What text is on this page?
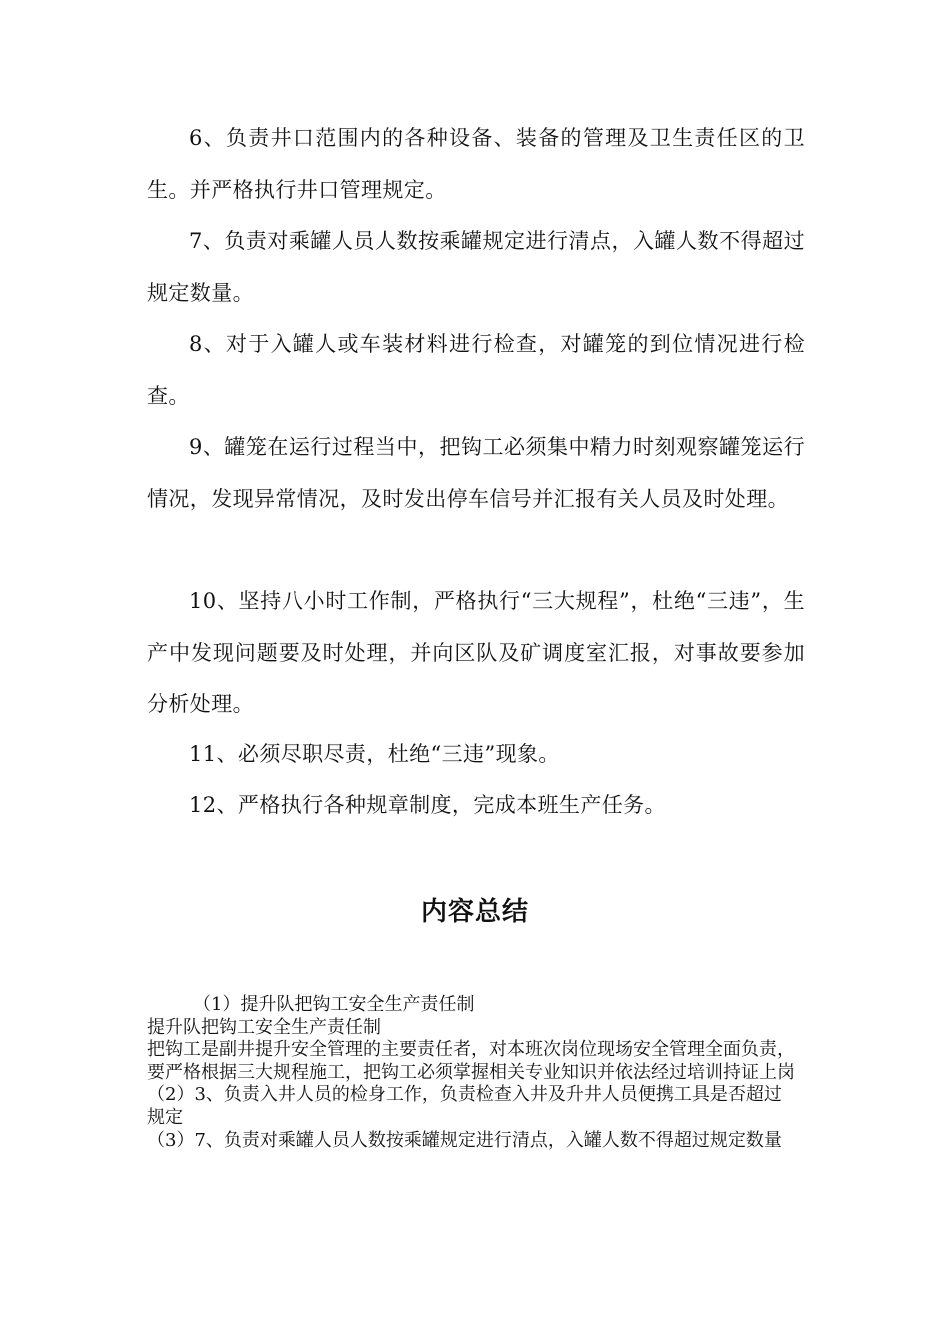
6、负责井口范围内的各种设备、装备的管理及卫生责任区的卫生。并严格执行井口管理规定。

7、负责对乘罐人员人数按乘罐规定进行清点，入罐人数不得超过规定数量。

8、对于入罐人或车装材料进行检查，对罐笼的到位情况进行检查。

9、罐笼在运行过程当中，把钩工必须集中精力时刻观察罐笼运行情况，发现异常情况，及时发出停车信号并汇报有关人员及时处理。

10、坚持八小时工作制，严格执行“三大规程”，杜绝“三违”，生产中发现问题要及时处理，并向区队及矿调度室汇报，对事故要参加分析处理。

11、必须尽职尽责，杜绝“三违”现象。

12、严格执行各种规章制度，完成本班生产任务。

内容总结

（1）提升队把钩工安全生产责任制

提升队把钩工安全生产责任制

把钩工是副井提升安全管理的主要责任者，对本班次岗位现场安全管理全面负责，要严格根据三大规程施工，把钩工必须掌握相关专业知识并依法经过培训持证上岗

（2）3、负责入井人员的检身工作，负责检查入井及升井人员便携工具是否超过规定

（3）7、负责对乘罐人员人数按乘罐规定进行清点，入罐人数不得超过规定数量
